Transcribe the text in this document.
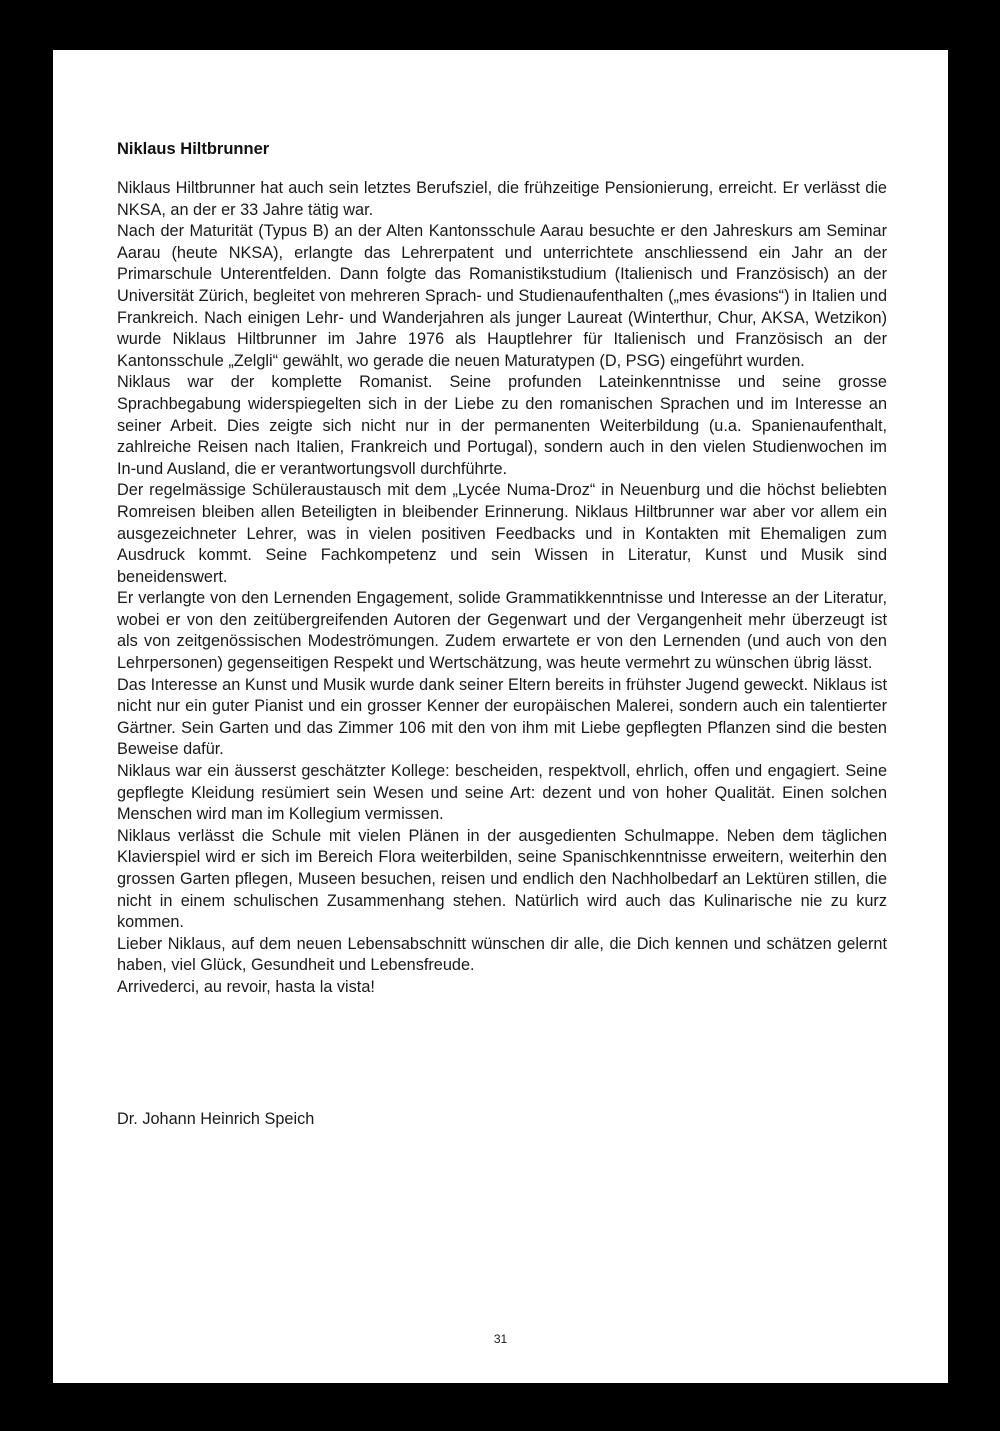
Niklaus Hiltbrunner

Niklaus Hiltbrunner hat auch sein letztes Berufsziel, die frühzeitige Pensionierung, erreicht. Er verlässt die NKSA, an der er 33 Jahre tätig war.

Nach der Maturität (Typus B) an der Alten Kantonsschule Aarau besuchte er den Jahreskurs am Seminar Aarau (heute NKSA), erlangte das Lehrerpatent und unterrichtete anschliessend ein Jahr an der Primarschule Unterentfelden. Dann folgte das Romanistikstudium (Italienisch und Französisch) an der Universität Zürich, begleitet von mehreren Sprach- und Studienaufenthalten („mes évasions“) in Italien und Frankreich. Nach einigen Lehr- und Wanderjahren als junger Laureat (Winterthur, Chur, AKSA, Wetzikon) wurde Niklaus Hiltbrunner im Jahre 1976 als Hauptlehrer für Italienisch und Französisch an der Kantonsschule „Zelgli“ gewählt, wo gerade die neuen Maturatypen (D, PSG) eingeführt wurden.

Niklaus war der komplette Romanist. Seine profunden Lateinkenntnisse und seine grosse Sprachbegabung widerspiegelten sich in der Liebe zu den romanischen Sprachen und im Interesse an seiner Arbeit. Dies zeigte sich nicht nur in der permanenten Weiterbildung (u.a. Spanienaufenthalt, zahlreiche Reisen nach Italien, Frankreich und Portugal), sondern auch in den vielen Studienwochen im In-und Ausland, die er verantwortungsvoll durchführte.

Der regelmässige Schüleraustausch mit dem „Lycée Numa-Droz“ in Neuenburg und die höchst beliebten Romreisen bleiben allen Beteiligten in bleibender Erinnerung. Niklaus Hiltbrunner war aber vor allem ein ausgezeichneter Lehrer, was in vielen positiven Feedbacks und in Kontakten mit Ehemaligen zum Ausdruck kommt. Seine Fachkompetenz und sein Wissen in Literatur, Kunst und Musik sind beneidenswert.

Er verlangte von den Lernenden Engagement, solide Grammatikkenntnisse und Interesse an der Literatur, wobei er von den zeitübergreifenden Autoren der Gegenwart und der Vergangenheit mehr überzeugt ist als von zeitgenössischen Modeströmungen. Zudem erwartete er von den Lernenden (und auch von den Lehrpersonen) gegenseitigen Respekt und Wertschätzung, was heute vermehrt zu wünschen übrig lässt.

Das Interesse an Kunst und Musik wurde dank seiner Eltern bereits in frühster Jugend geweckt. Niklaus ist nicht nur ein guter Pianist und ein grosser Kenner der europäischen Malerei, sondern auch ein talentierter Gärtner. Sein Garten und das Zimmer 106 mit den von ihm mit Liebe gepflegten Pflanzen sind die besten Beweise dafür.

Niklaus war ein äusserst geschätzter Kollege: bescheiden, respektvoll, ehrlich, offen und engagiert. Seine gepflegte Kleidung resümiert sein Wesen und seine Art: dezent und von hoher Qualität. Einen solchen Menschen wird man im Kollegium vermissen.

Niklaus verlässt die Schule mit vielen Plänen in der ausgedienten Schulmappe. Neben dem täglichen Klavierspiel wird er sich im Bereich Flora weiterbilden, seine Spanischkenntnisse erweitern, weiterhin den grossen Garten pflegen, Museen besuchen, reisen und endlich den Nachholbedarf an Lektüren stillen, die nicht in einem schulischen Zusammenhang stehen. Natürlich wird auch das Kulinarische nie zu kurz kommen.

Lieber Niklaus, auf dem neuen Lebensabschnitt wünschen dir alle, die Dich kennen und schätzen gelernt haben, viel Glück, Gesundheit und Lebensfreude.

Arrivederci, au revoir, hasta la vista!

Dr. Johann Heinrich Speich

31
